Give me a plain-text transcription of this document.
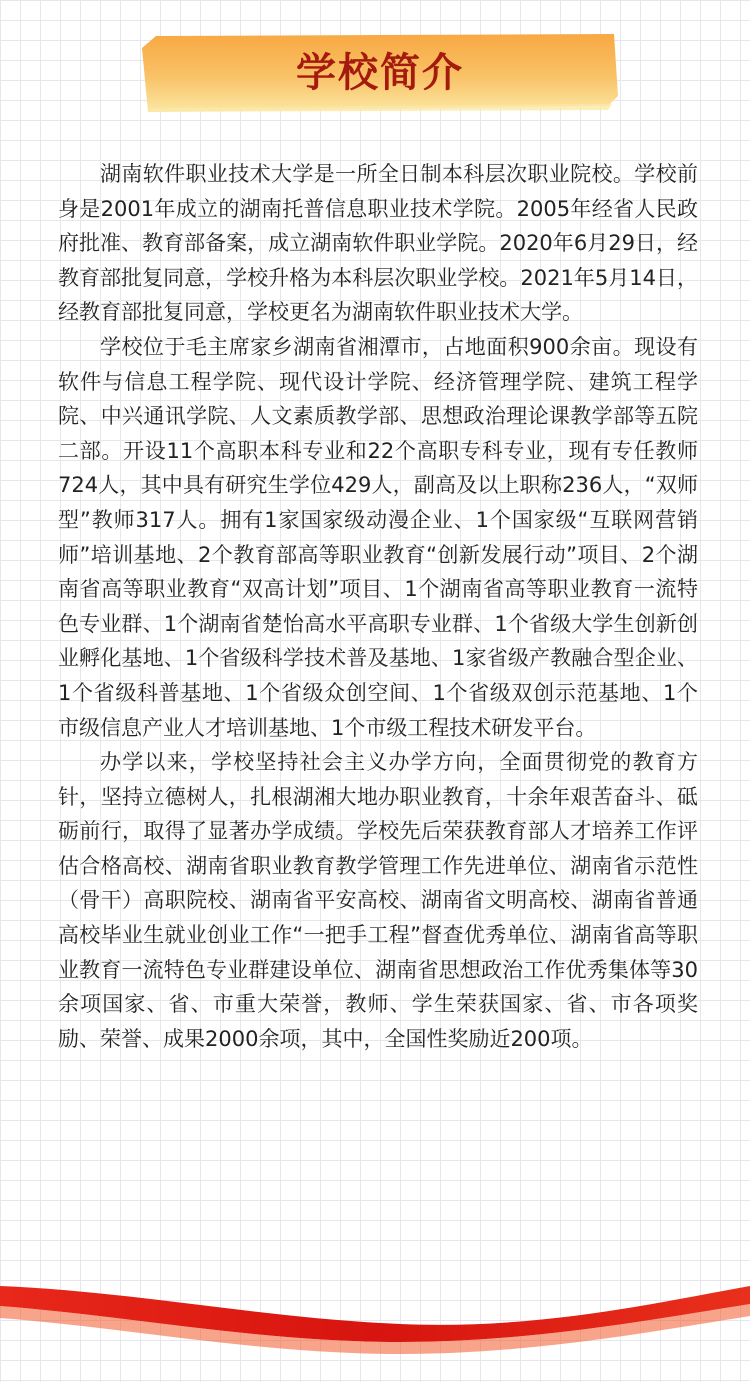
学校简介

湖南软件职业技术大学是一所全日制本科层次职业院校。学校前身是2001年成立的湖南托普信息职业技术学院。2005年经省人民政府批准、教育部备案，成立湖南软件职业学院。2020年6月29日，经教育部批复同意，学校升格为本科层次职业学校。2021年5月14日，经教育部批复同意，学校更名为湖南软件职业技术大学。

学校位于毛主席家乡湖南省湘潭市，占地面积900余亩。现设有软件与信息工程学院、现代设计学院、经济管理学院、建筑工程学院、中兴通讯学院、人文素质教学部、思想政治理论课教学部等五院二部。开设11个高职本科专业和22个高职专科专业，现有专任教师724人，其中具有研究生学位429人，副高及以上职称236人，“双师型”教师317人。拥有1家国家级动漫企业、1个国家级“互联网营销师”培训基地、2个教育部高等职业教育“创新发展行动”项目、2个湖南省高等职业教育“双高计划”项目、1个湖南省高等职业教育一流特色专业群、1个湖南省楚怡高水平高职专业群、1个省级大学生创新创业孵化基地、1个省级科学技术普及基地、1家省级产教融合型企业、1个省级科普基地、1个省级众创空间、1个省级双创示范基地、1个市级信息产业人才培训基地、1个市级工程技术研发平台。

办学以来，学校坚持社会主义办学方向，全面贯彻党的教育方针，坚持立德树人，扎根湖湘大地办职业教育，十余年艰苦奋斗、砥砺前行，取得了显著办学成绩。学校先后荣获教育部人才培养工作评估合格高校、湖南省职业教育教学管理工作先进单位、湖南省示范性（骨干）高职院校、湖南省平安高校、湖南省文明高校、湖南省普通高校毕业生就业创业工作“一把手工程”督查优秀单位、湖南省高等职业教育一流特色专业群建设单位、湖南省思想政治工作优秀集体等30余项国家、省、市重大荣誉，教师、学生荣获国家、省、市各项奖励、荣誉、成果2000余项，其中，全国性奖励近200项。
